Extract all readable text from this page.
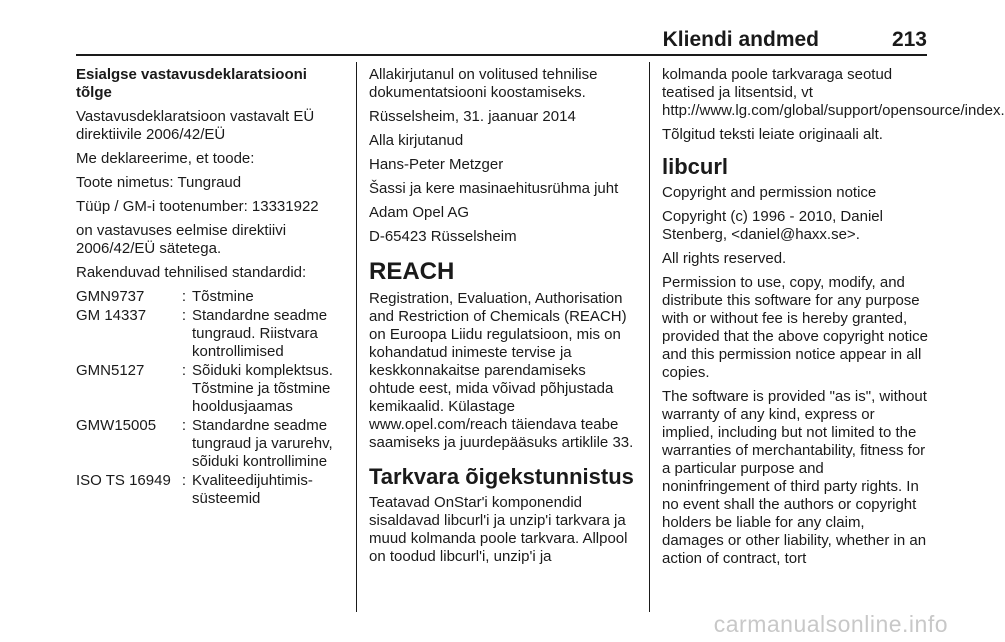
Kliendi andmed	213

Esialgse vastavusdeklaratsiooni tõlge

Vastavusdeklaratsioon vastavalt EÜ direktiivile 2006/42/EÜ

Me deklareerime, et toode:

Toote nimetus: Tungraud

Tüüp / GM-i tootenumber: 13331922

on vastavuses eelmise direktiivi 2006/42/EÜ sätetega.

Rakenduvad tehnilised standardid:

GMN9737	:	Tõstmine
GM 14337	:	Standardne seadme tungraud. Riistvara kontrollimised
GMN5127	:	Sõiduki komplektsus. Tõstmine ja tõstmine hooldusjaamas
GMW15005	:	Standardne seadme tungraud ja varurehv, sõiduki kontrollimine
ISO TS 16949	:	Kvaliteedijuhtimis-süsteemid

Allakirjutanul on volitused tehnilise dokumentatsiooni koostamiseks.

Rüsselsheim, 31. jaanuar 2014

Alla kirjutanud

Hans-Peter Metzger

Šassi ja kere masinaehitusrühma juht

Adam Opel AG

D-65423 Rüsselsheim

REACH

Registration, Evaluation, Authorisation and Restriction of Chemicals (REACH) on Euroopa Liidu regulatsioon, mis on kohandatud inimeste tervise ja keskkonnakaitse parendamiseks ohtude eest, mida võivad põhjustada kemikaalid. Külastage www.opel.com/reach täiendava teabe saamiseks ja juurdepääsuks artiklile 33.

Tarkvara õigekstunnistus

Teatavad OnStar'i komponendid sisaldavad libcurl'i ja unzip'i tarkvara ja muud kolmanda poole tarkvara. Allpool on toodud libcurl'i, unzip'i ja

kolmanda poole tarkvaraga seotud teatised ja litsentsid, vt http://www.lg.com/global/support/opensource/index.

Tõlgitud teksti leiate originaali alt.

libcurl

Copyright and permission notice

Copyright (c) 1996 - 2010, Daniel Stenberg, <daniel@haxx.se>.

All rights reserved.

Permission to use, copy, modify, and distribute this software for any purpose with or without fee is hereby granted, provided that the above copyright notice and this permission notice appear in all copies.

The software is provided "as is", without warranty of any kind, express or implied, including but not limited to the warranties of merchantability, fitness for a particular purpose and noninfringement of third party rights. In no event shall the authors or copyright holders be liable for any claim, damages or other liability, whether in an action of contract, tort

carmanualsonline.info
